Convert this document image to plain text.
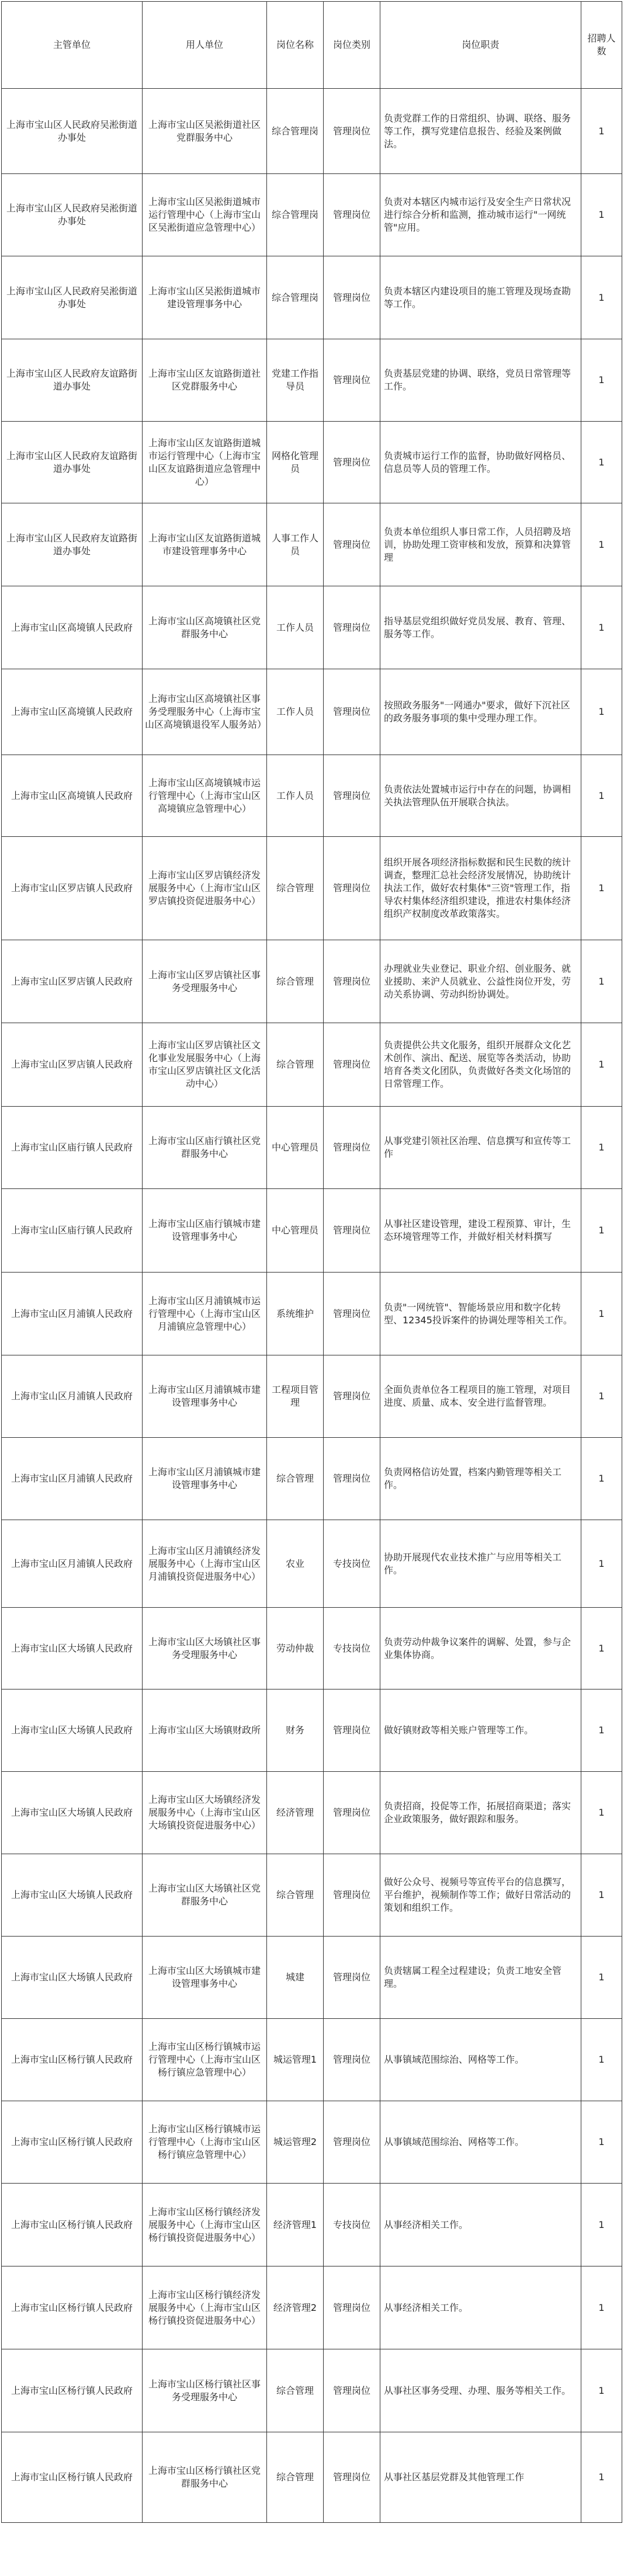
主管单位	用人单位	岗位名称	岗位类别	岗位职责	招聘人数
上海市宝山区人民政府吴淞街道办事处	上海市宝山区吴淞街道社区党群服务中心	综合管理岗	管理岗位	负责党群工作的日常组织、协调、联络、服务等工作，撰写党建信息报告、经验及案例做法。	1
上海市宝山区人民政府吴淞街道办事处	上海市宝山区吴淞街道城市运行管理中心（上海市宝山区吴淞街道应急管理中心）	综合管理岗	管理岗位	负责对本辖区内城市运行及安全生产日常状况进行综合分析和监测，推动城市运行"一网统管"应用。	1
上海市宝山区人民政府吴淞街道办事处	上海市宝山区吴淞街道城市建设管理事务中心	综合管理岗	管理岗位	负责本辖区内建设项目的施工管理及现场查勘等工作。	1
上海市宝山区人民政府友谊路街道办事处	上海市宝山区友谊路街道社区党群服务中心	党建工作指导员	管理岗位	负责基层党建的协调、联络，党员日常管理等工作。	1
上海市宝山区人民政府友谊路街道办事处	上海市宝山区友谊路街道城市运行管理中心（上海市宝山区友谊路街道应急管理中心）	网格化管理员	管理岗位	负责城市运行工作的监督，协助做好网格员、信息员等人员的管理工作。	1
上海市宝山区人民政府友谊路街道办事处	上海市宝山区友谊路街道城市建设管理事务中心	人事工作人员	管理岗位	负责本单位组织人事日常工作，人员招聘及培训，协助处理工资审核和发放，预算和决算管理	1
上海市宝山区高境镇人民政府	上海市宝山区高境镇社区党群服务中心	工作人员	管理岗位	指导基层党组织做好党员发展、教育、管理、服务等工作。	1
上海市宝山区高境镇人民政府	上海市宝山区高境镇社区事务受理服务中心（上海市宝山区高境镇退役军人服务站）	工作人员	管理岗位	按照政务服务"一网通办"要求，做好下沉社区的政务服务事项的集中受理办理工作。	1
上海市宝山区高境镇人民政府	上海市宝山区高境镇城市运行管理中心（上海市宝山区高境镇应急管理中心）	工作人员	管理岗位	负责依法处置城市运行中存在的问题，协调相关执法管理队伍开展联合执法。	1
上海市宝山区罗店镇人民政府	上海市宝山区罗店镇经济发展服务中心（上海市宝山区罗店镇投资促进服务中心）	综合管理	管理岗位	组织开展各项经济指标数据和民生民数的统计调查，整理汇总社会经济发展情况，协助统计执法工作，做好农村集体"三资"管理工作，指导农村集体经济组织建设，推进农村集体经济组织产权制度改革政策落实。	1
上海市宝山区罗店镇人民政府	上海市宝山区罗店镇社区事务受理服务中心	综合管理	管理岗位	办理就业失业登记、职业介绍、创业服务、就业援助、来沪人员就业、公益性岗位开发，劳动关系协调、劳动纠纷协调处。	1
上海市宝山区罗店镇人民政府	上海市宝山区罗店镇社区文化事业发展服务中心（上海市宝山区罗店镇社区文化活动中心）	综合管理	管理岗位	负责提供公共文化服务，组织开展群众文化艺术创作、演出、配送、展览等各类活动，协助培育各类文化团队，负责做好各类文化场馆的日常管理工作。	1
上海市宝山区庙行镇人民政府	上海市宝山区庙行镇社区党群服务中心	中心管理员	管理岗位	从事党建引领社区治理、信息撰写和宣传等工作	1
上海市宝山区庙行镇人民政府	上海市宝山区庙行镇城市建设管理事务中心	中心管理员	管理岗位	从事社区建设管理，建设工程预算、审计，生态环境管理等工作，并做好相关材料撰写	1
上海市宝山区月浦镇人民政府	上海市宝山区月浦镇城市运行管理中心（上海市宝山区月浦镇应急管理中心）	系统维护	管理岗位	负责"一网统管"、智能场景应用和数字化转型、12345投诉案件的协调处理等相关工作。	1
上海市宝山区月浦镇人民政府	上海市宝山区月浦镇城市建设管理事务中心	工程项目管理	管理岗位	全面负责单位各工程项目的施工管理，对项目进度、质量、成本、安全进行监督管理。	1
上海市宝山区月浦镇人民政府	上海市宝山区月浦镇城市建设管理事务中心	综合管理	管理岗位	负责网格信访处置，档案内勤管理等相关工作。	1
上海市宝山区月浦镇人民政府	上海市宝山区月浦镇经济发展服务中心（上海市宝山区月浦镇投资促进服务中心）	农业	专技岗位	协助开展现代农业技术推广与应用等相关工作。	1
上海市宝山区大场镇人民政府	上海市宝山区大场镇社区事务受理服务中心	劳动仲裁	专技岗位	负责劳动仲裁争议案件的调解、处置，参与企业集体协商。	1
上海市宝山区大场镇人民政府	上海市宝山区大场镇财政所	财务	管理岗位	做好镇财政等相关账户管理等工作。	1
上海市宝山区大场镇人民政府	上海市宝山区大场镇经济发展服务中心（上海市宝山区大场镇投资促进服务中心）	经济管理	管理岗位	负责招商，投促等工作，拓展招商渠道；落实企业政策服务，做好跟踪和服务。	1
上海市宝山区大场镇人民政府	上海市宝山区大场镇社区党群服务中心	综合管理	管理岗位	做好公众号、视频号等宣传平台的信息撰写，平台维护，视频制作等工作；做好日常活动的策划和组织工作。	1
上海市宝山区大场镇人民政府	上海市宝山区大场镇城市建设管理事务中心	城建	管理岗位	负责辖属工程全过程建设；负责工地安全管理。	1
上海市宝山区杨行镇人民政府	上海市宝山区杨行镇城市运行管理中心（上海市宝山区杨行镇应急管理中心）	城运管理1	管理岗位	从事镇域范围综治、网格等工作。	1
上海市宝山区杨行镇人民政府	上海市宝山区杨行镇城市运行管理中心（上海市宝山区杨行镇应急管理中心）	城运管理2	管理岗位	从事镇域范围综治、网格等工作。	1
上海市宝山区杨行镇人民政府	上海市宝山区杨行镇经济发展服务中心（上海市宝山区杨行镇投资促进服务中心）	经济管理1	专技岗位	从事经济相关工作。	1
上海市宝山区杨行镇人民政府	上海市宝山区杨行镇经济发展服务中心（上海市宝山区杨行镇投资促进服务中心）	经济管理2	管理岗位	从事经济相关工作。	1
上海市宝山区杨行镇人民政府	上海市宝山区杨行镇社区事务受理服务中心	综合管理	管理岗位	从事社区事务受理、办理、服务等相关工作。	1
上海市宝山区杨行镇人民政府	上海市宝山区杨行镇社区党群服务中心	综合管理	管理岗位	从事社区基层党群及其他管理工作	1
